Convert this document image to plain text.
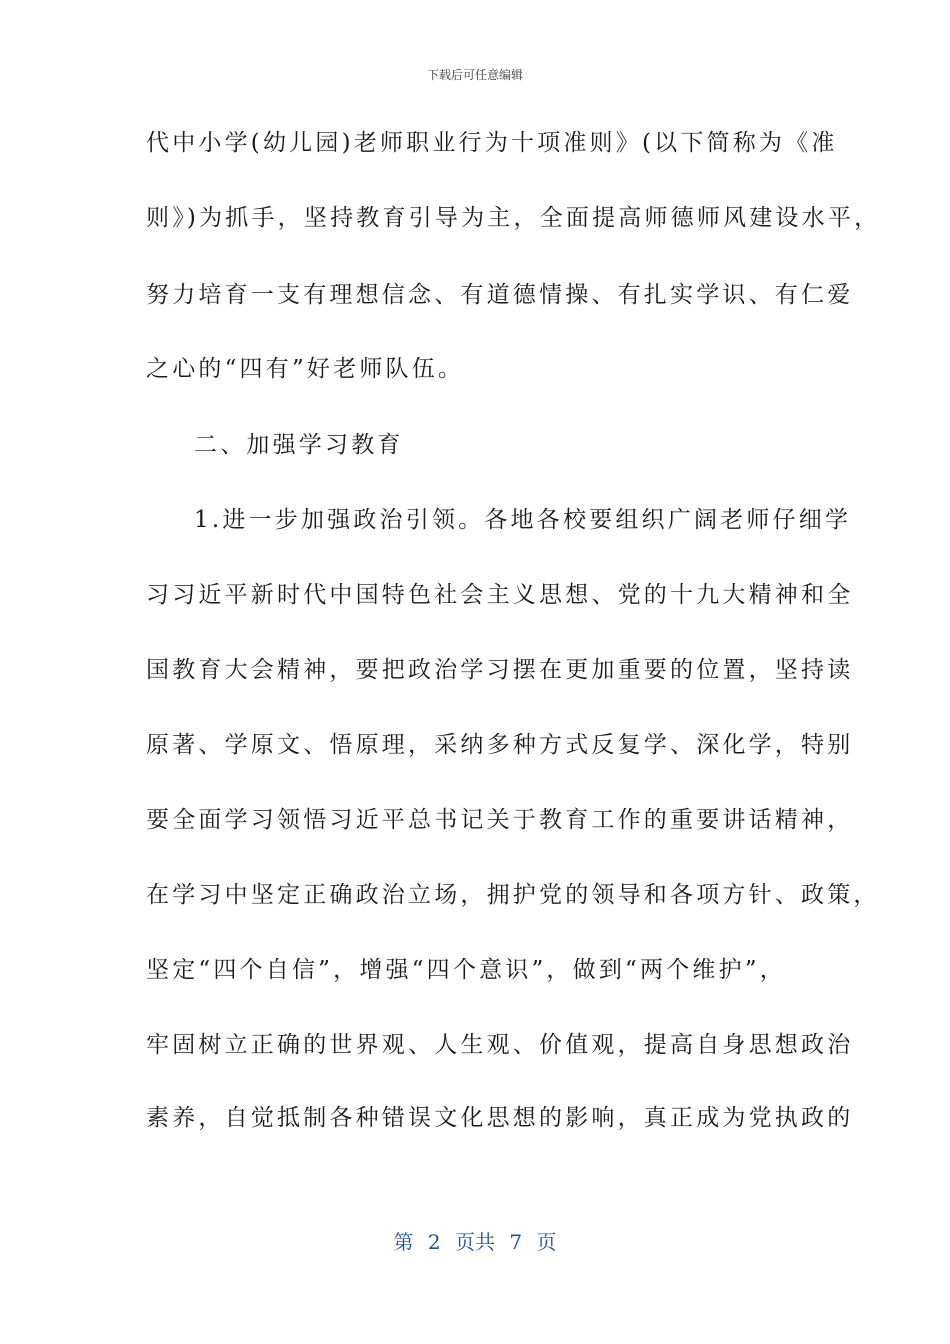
下载后可任意编辑
代中小学(幼儿园)老师职业行为十项准则》(以下简称为《准
则》)为抓手，坚持教育引导为主，全面提高师德师风建设水平，
努力培育一支有理想信念、有道德情操、有扎实学识、有仁爱
之心的“四有”好老师队伍。
二、加强学习教育
1.进一步加强政治引领。各地各校要组织广阔老师仔细学
习习近平新时代中国特色社会主义思想、党的十九大精神和全
国教育大会精神，要把政治学习摆在更加重要的位置，坚持读
原著、学原文、悟原理，采纳多种方式反复学、深化学，特别
要全面学习领悟习近平总书记关于教育工作的重要讲话精神，
在学习中坚定正确政治立场，拥护党的领导和各项方针、政策，
坚定“四个自信”，增强“四个意识”，做到“两个维护”，
牢固树立正确的世界观、人生观、价值观，提高自身思想政治
素养，自觉抵制各种错误文化思想的影响，真正成为党执政的
第 2 页共 7 页
